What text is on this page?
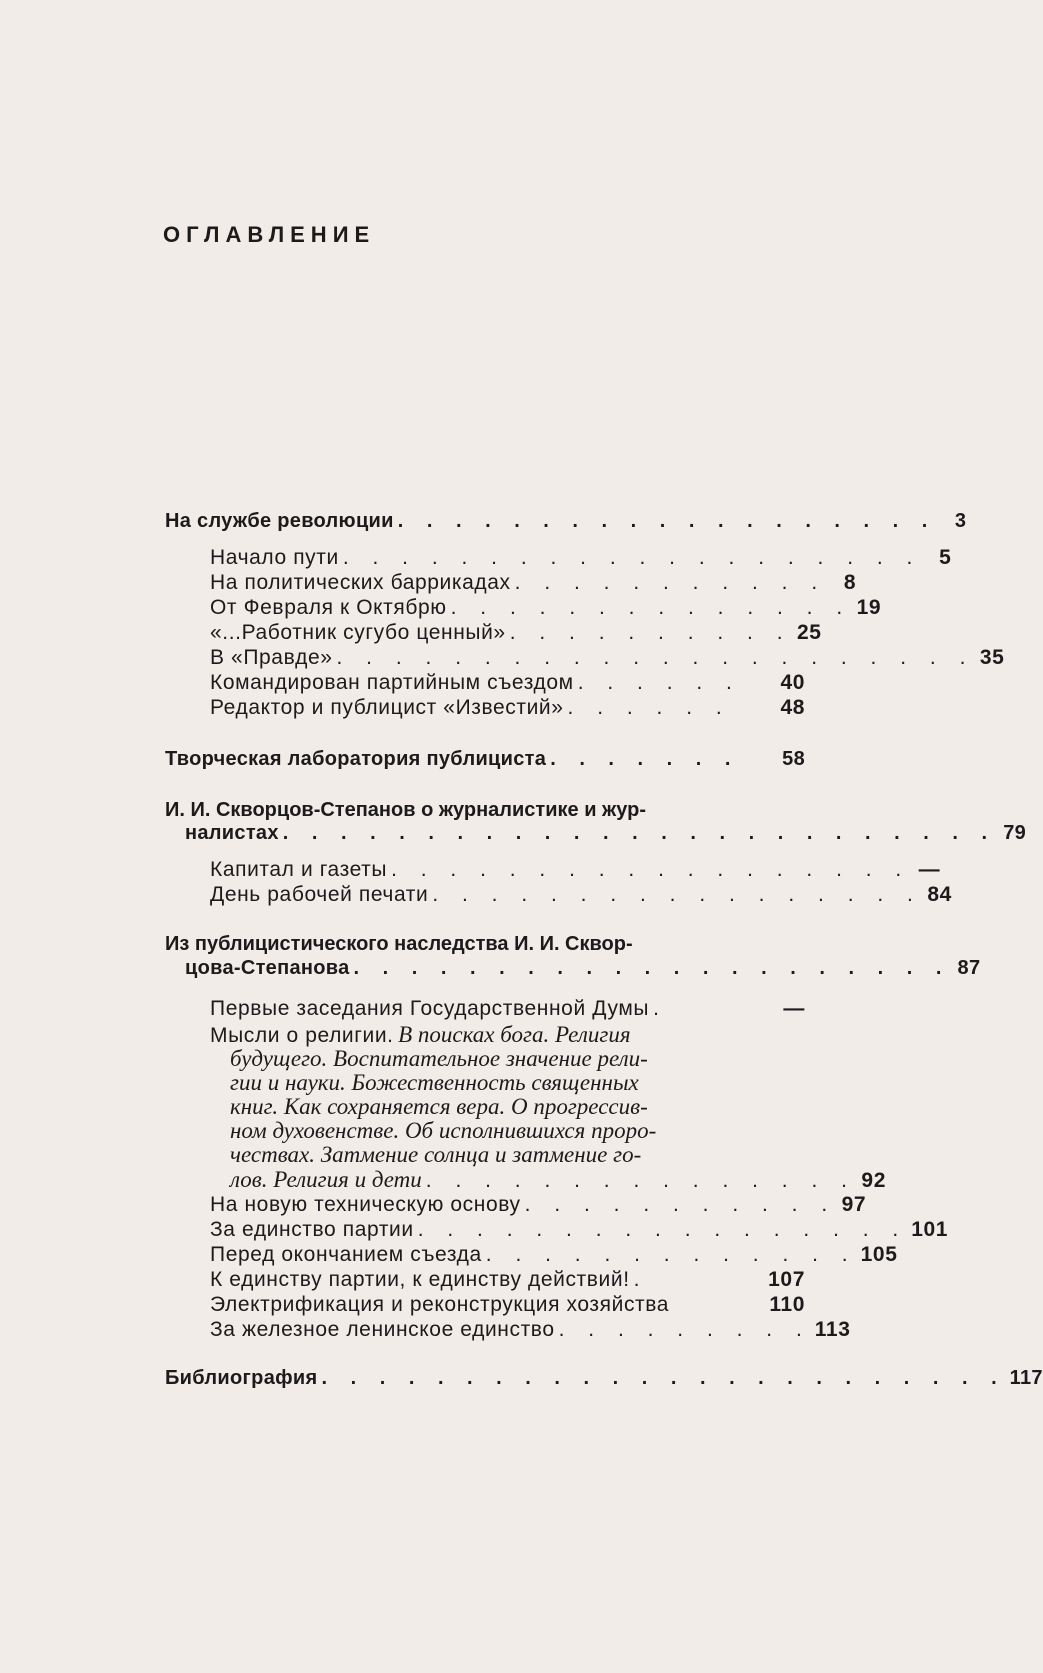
ОГЛАВЛЕНИЕ
На службе революции . . . . . . . . . . . . . . . . . . . 3
Начало пути . . . . . . . . . . . . . . . . . . . . 5
На политических баррикадах . . . . . . . . . . . 8
От Февраля к Октябрю . . . . . . . . . . . . . . 19
«...Работник сугубо ценный» . . . . . . . . . . 25
В «Правде» . . . . . . . . . . . . . . . . . . . . . . 35
Командирован партийным съездом . . . . . .	40
Редактор и публицист «Известий» . . . . . .	48
Творческая лаборатория публициста . . . . . . .	58
И. И. Скворцов-Степанов о журналистике и жур-
налистах . . . . . . . . . . . . . . . . . . . . . . . . . 79
Капитал и газеты . . . . . . . . . . . . . . . . . . —
День рабочей печати . . . . . . . . . . . . . . . . . 84
Из публицистического наследства И. И. Сквор-
цова-Степанова . . . . . . . . . . . . . . . . . . . . . 87
Первые заседания Государственной Думы .	—
Мысли о религии. В поисках бога. Религия
будущего. Воспитательное значение рели-
гии и науки. Божественность священных
книг. Как сохраняется вера. О прогрессив-
ном духовенстве. Об исполнившихся проро-
чествах. Затмение солнца и затмение го-
лов. Религия и дети . . . . . . . . . . . . . . . 92
На новую техническую основу . . . . . . . . . . . 97
За единство партии . . . . . . . . . . . . . . . . . 101
Перед окончанием съезда . . . . . . . . . . . . . 105
К единству партии, к единству действий! .	107
Электрификация и реконструкция хозяйства	110
За железное ленинское единство . . . . . . . . . 113
Библиография . . . . . . . . . . . . . . . . . . . . . . . . 117
